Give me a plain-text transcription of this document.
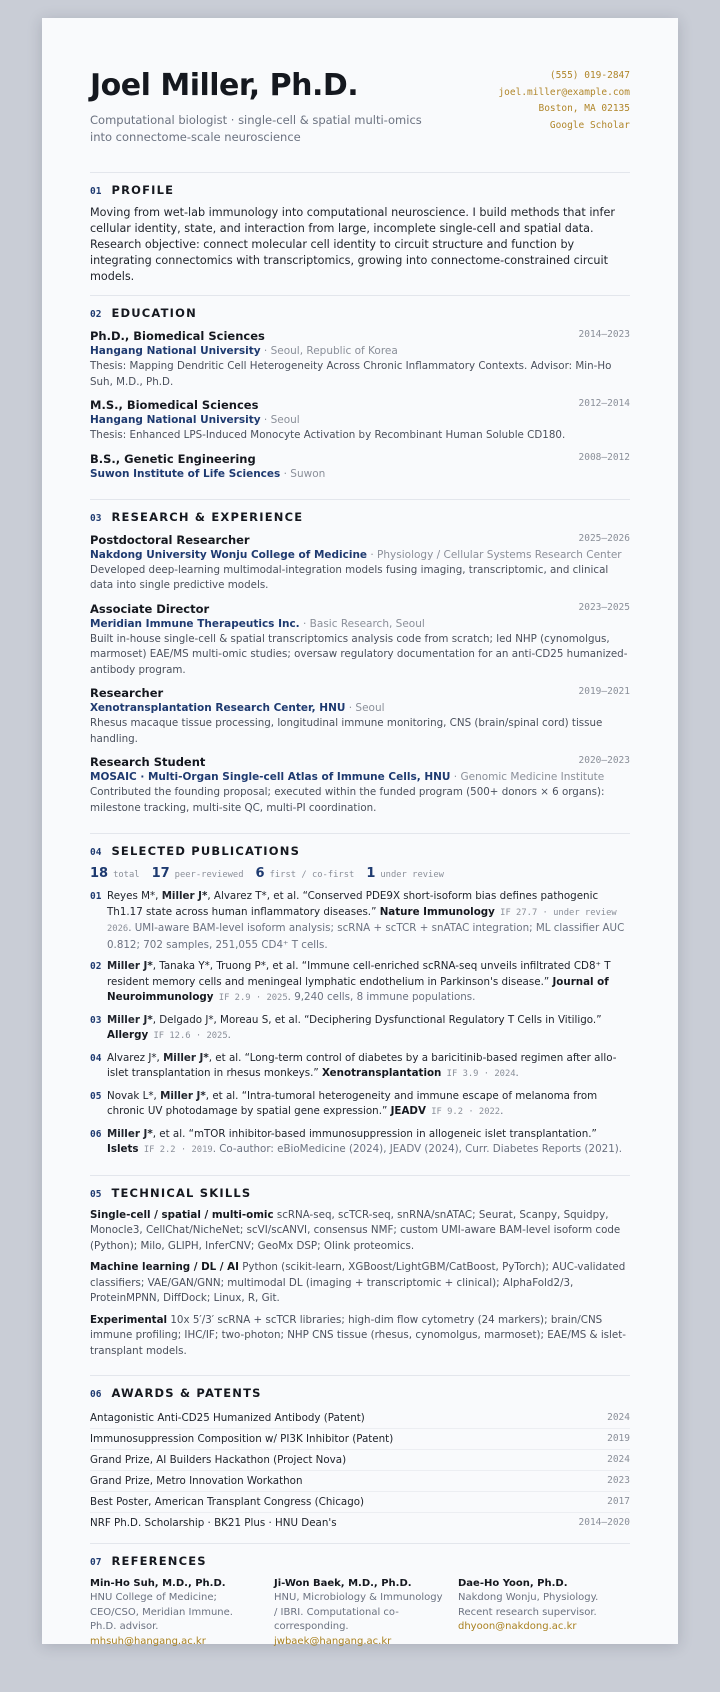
Joel Miller, Ph.D.
Computational biologist · single-cell & spatial multi-omics into connectome-scale neuroscience
(555) 019-2847
joel.miller@example.com
Boston, MA 02135
Google Scholar
01 PROFILE
Moving from wet-lab immunology into computational neuroscience. I build methods that infer cellular identity, state, and interaction from large, incomplete single-cell and spatial data. Research objective: connect molecular cell identity to circuit structure and function by integrating connectomics with transcriptomics, growing into connectome-constrained circuit models.
02 EDUCATION
Ph.D., Biomedical Sciences	2014–2023
Hangang National University · Seoul, Republic of Korea
Thesis: Mapping Dendritic Cell Heterogeneity Across Chronic Inflammatory Contexts. Advisor: Min-Ho Suh, M.D., Ph.D.
M.S., Biomedical Sciences	2012–2014
Hangang National University · Seoul
Thesis: Enhanced LPS-Induced Monocyte Activation by Recombinant Human Soluble CD180.
B.S., Genetic Engineering	2008–2012
Suwon Institute of Life Sciences · Suwon
03 RESEARCH & EXPERIENCE
Postdoctoral Researcher	2025–2026
Nakdong University Wonju College of Medicine · Physiology / Cellular Systems Research Center
Developed deep-learning multimodal-integration models fusing imaging, transcriptomic, and clinical data into single predictive models.
Associate Director	2023–2025
Meridian Immune Therapeutics Inc. · Basic Research, Seoul
Built in-house single-cell & spatial transcriptomics analysis code from scratch; led NHP (cynomolgus, marmoset) EAE/MS multi-omic studies; oversaw regulatory documentation for an anti-CD25 humanized-antibody program.
Researcher	2019–2021
Xenotransplantation Research Center, HNU · Seoul
Rhesus macaque tissue processing, longitudinal immune monitoring, CNS (brain/spinal cord) tissue handling.
Research Student	2020–2023
MOSAIC · Multi-Organ Single-cell Atlas of Immune Cells, HNU · Genomic Medicine Institute
Contributed the founding proposal; executed within the funded program (500+ donors × 6 organs): milestone tracking, multi-site QC, multi-PI coordination.
04 SELECTED PUBLICATIONS
18 total 17 peer-reviewed 6 first / co-first 1 under review
01 Reyes M*, Miller J*, Alvarez T*, et al. “Conserved PDE9X short-isoform bias defines pathogenic Th1.17 state across human inflammatory diseases.” Nature Immunology IF 27.7 · under review 2026. UMI-aware BAM-level isoform analysis; scRNA + scTCR + snATAC integration; ML classifier AUC 0.812; 702 samples, 251,055 CD4⁺ T cells.
02 Miller J*, Tanaka Y*, Truong P*, et al. “Immune cell-enriched scRNA-seq unveils infiltrated CD8⁺ T resident memory cells and meningeal lymphatic endothelium in Parkinson's disease.” Journal of Neuroimmunology IF 2.9 · 2025. 9,240 cells, 8 immune populations.
03 Miller J*, Delgado J*, Moreau S, et al. “Deciphering Dysfunctional Regulatory T Cells in Vitiligo.” Allergy IF 12.6 · 2025.
04 Alvarez J*, Miller J*, et al. “Long-term control of diabetes by a baricitinib-based regimen after allo-islet transplantation in rhesus monkeys.” Xenotransplantation IF 3.9 · 2024.
05 Novak L*, Miller J*, et al. “Intra-tumoral heterogeneity and immune escape of melanoma from chronic UV photodamage by spatial gene expression.” JEADV IF 9.2 · 2022.
06 Miller J*, et al. “mTOR inhibitor-based immunosuppression in allogeneic islet transplantation.” Islets IF 2.2 · 2019. Co-author: eBioMedicine (2024), JEADV (2024), Curr. Diabetes Reports (2021).
05 TECHNICAL SKILLS
Single-cell / spatial / multi-omic scRNA-seq, scTCR-seq, snRNA/snATAC; Seurat, Scanpy, Squidpy, Monocle3, CellChat/NicheNet; scVI/scANVI, consensus NMF; custom UMI-aware BAM-level isoform code (Python); Milo, GLIPH, InferCNV; GeoMx DSP; Olink proteomics.
Machine learning / DL / AI Python (scikit-learn, XGBoost/LightGBM/CatBoost, PyTorch); AUC-validated classifiers; VAE/GAN/GNN; multimodal DL (imaging + transcriptomic + clinical); AlphaFold2/3, ProteinMPNN, DiffDock; Linux, R, Git.
Experimental 10x 5′/3′ scRNA + scTCR libraries; high-dim flow cytometry (24 markers); brain/CNS immune profiling; IHC/IF; two-photon; NHP CNS tissue (rhesus, cynomolgus, marmoset); EAE/MS & islet-transplant models.
06 AWARDS & PATENTS
Antagonistic Anti-CD25 Humanized Antibody (Patent)	2024
Immunosuppression Composition w/ PI3K Inhibitor (Patent)	2019
Grand Prize, AI Builders Hackathon (Project Nova)	2024
Grand Prize, Metro Innovation Workathon	2023
Best Poster, American Transplant Congress (Chicago)	2017
NRF Ph.D. Scholarship · BK21 Plus · HNU Dean's	2014–2020
07 REFERENCES
Min-Ho Suh, M.D., Ph.D.
HNU College of Medicine; CEO/CSO, Meridian Immune. Ph.D. advisor.
mhsuh@hangang.ac.kr
Ji-Won Baek, M.D., Ph.D.
HNU, Microbiology & Immunology / IBRI. Computational co-corresponding.
jwbaek@hangang.ac.kr
Dae-Ho Yoon, Ph.D.
Nakdong Wonju, Physiology. Recent research supervisor.
dhyoon@nakdong.ac.kr
